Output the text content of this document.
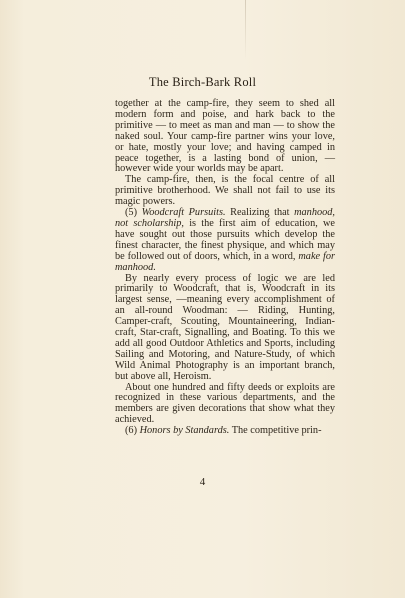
The Birch-Bark Roll

together at the camp-fire, they seem to shed all modern form and poise, and hark back to the primitive — to meet as man and man — to show the naked soul. Your camp-fire partner wins your love, or hate, mostly your love; and having camped in peace together, is a lasting bond of union, — however wide your worlds may be apart.

The camp-fire, then, is the focal centre of all primitive brotherhood. We shall not fail to use its magic powers.

(5) Woodcraft Pursuits. Realizing that manhood, not scholarship, is the first aim of education, we have sought out those pursuits which develop the finest character, the finest physique, and which may be followed out of doors, which, in a word, make for manhood.

By nearly every process of logic we are led primarily to Woodcraft, that is, Woodcraft in its largest sense, —meaning every accomplishment of an all-round Woodman: — Riding, Hunting, Camper-craft, Scouting, Mountaineering, Indian-craft, Star-craft, Signalling, and Boating. To this we add all good Outdoor Athletics and Sports, including Sailing and Motoring, and Nature-Study, of which Wild Animal Photography is an important branch, but above all, Heroism.

About one hundred and fifty deeds or exploits are recognized in these various departments, and the members are given decorations that show what they achieved.

(6) Honors by Standards. The competitive prin-

4
